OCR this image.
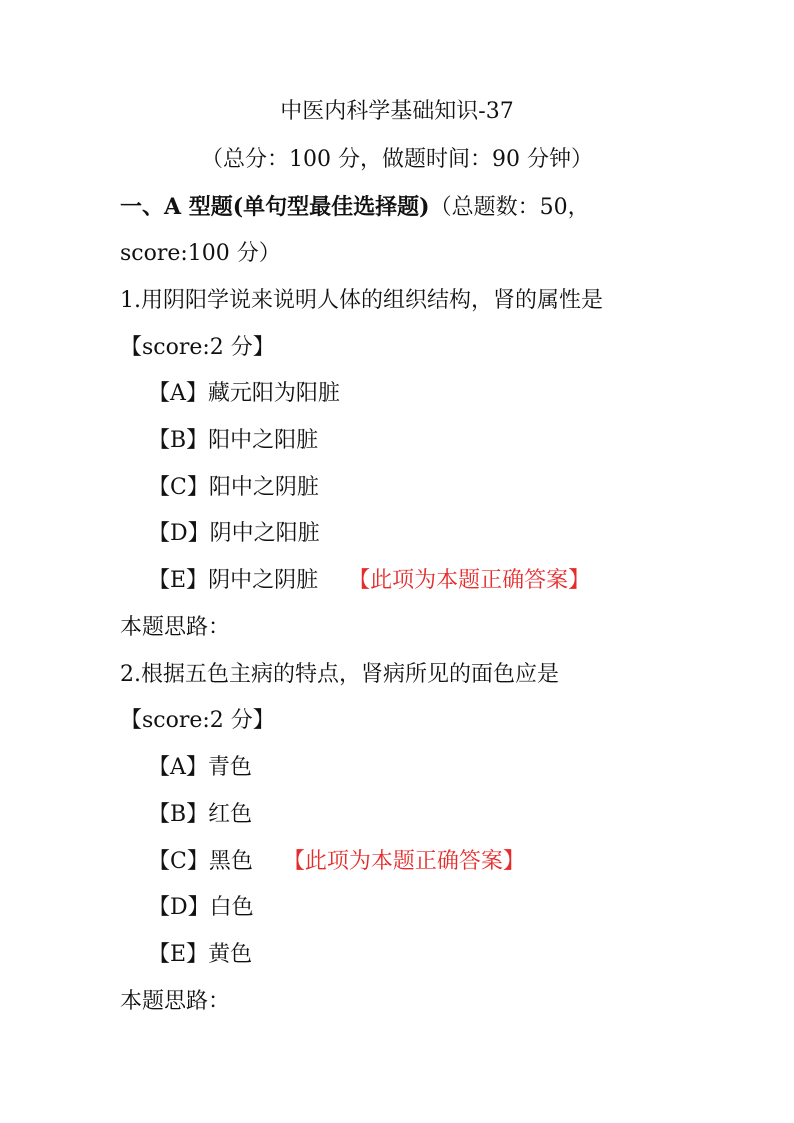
中医内科学基础知识-37
（总分：100 分，做题时间：90 分钟）
一、A 型题(单句型最佳选择题)（总题数：50，
score:100 分）
1.用阴阳学说来说明人体的组织结构，肾的属性是
【score:2 分】
【A】藏元阳为阳脏
【B】阳中之阳脏
【C】阳中之阴脏
【D】阴中之阳脏
【E】阴中之阴脏 【此项为本题正确答案】
本题思路：
2.根据五色主病的特点，肾病所见的面色应是
【score:2 分】
【A】青色
【B】红色
【C】黑色 【此项为本题正确答案】
【D】白色
【E】黄色
本题思路：
